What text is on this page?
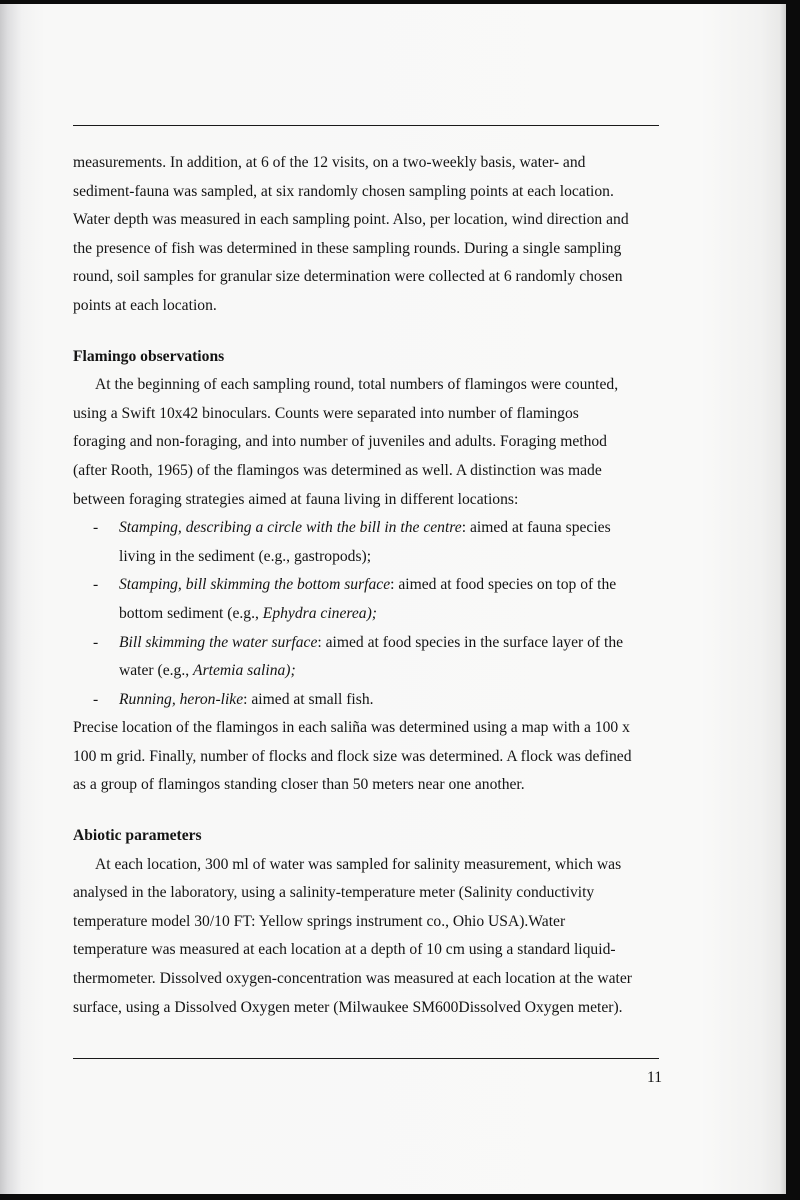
measurements. In addition, at 6 of the 12 visits, on a two-weekly basis, water- and
sediment-fauna was sampled, at six randomly chosen sampling points at each location.
Water depth was measured in each sampling point. Also, per location, wind direction and
the presence of fish was determined in these sampling rounds. During a single sampling
round, soil samples for granular size determination were collected at 6 randomly chosen
points at each location.
Flamingo observations
At the beginning of each sampling round, total numbers of flamingos were counted,
using a Swift 10x42 binoculars. Counts were separated into number of flamingos
foraging and non-foraging, and into number of juveniles and adults. Foraging method
(after Rooth, 1965) of the flamingos was determined as well. A distinction was made
between foraging strategies aimed at fauna living in different locations:
- Stamping, describing a circle with the bill in the centre: aimed at fauna species
living in the sediment (e.g., gastropods);
- Stamping, bill skimming the bottom surface: aimed at food species on top of the
bottom sediment (e.g., Ephydra cinerea);
- Bill skimming the water surface: aimed at food species in the surface layer of the
water (e.g., Artemia salina);
- Running, heron-like: aimed at small fish.
Precise location of the flamingos in each saliña was determined using a map with a 100 x
100 m grid. Finally, number of flocks and flock size was determined. A flock was defined
as a group of flamingos standing closer than 50 meters near one another.
Abiotic parameters
At each location, 300 ml of water was sampled for salinity measurement, which was
analysed in the laboratory, using a salinity-temperature meter (Salinity conductivity
temperature model 30/10 FT: Yellow springs instrument co., Ohio USA).Water
temperature was measured at each location at a depth of 10 cm using a standard liquid-
thermometer. Dissolved oxygen-concentration was measured at each location at the water
surface, using a Dissolved Oxygen meter (Milwaukee SM600Dissolved Oxygen meter).
11
